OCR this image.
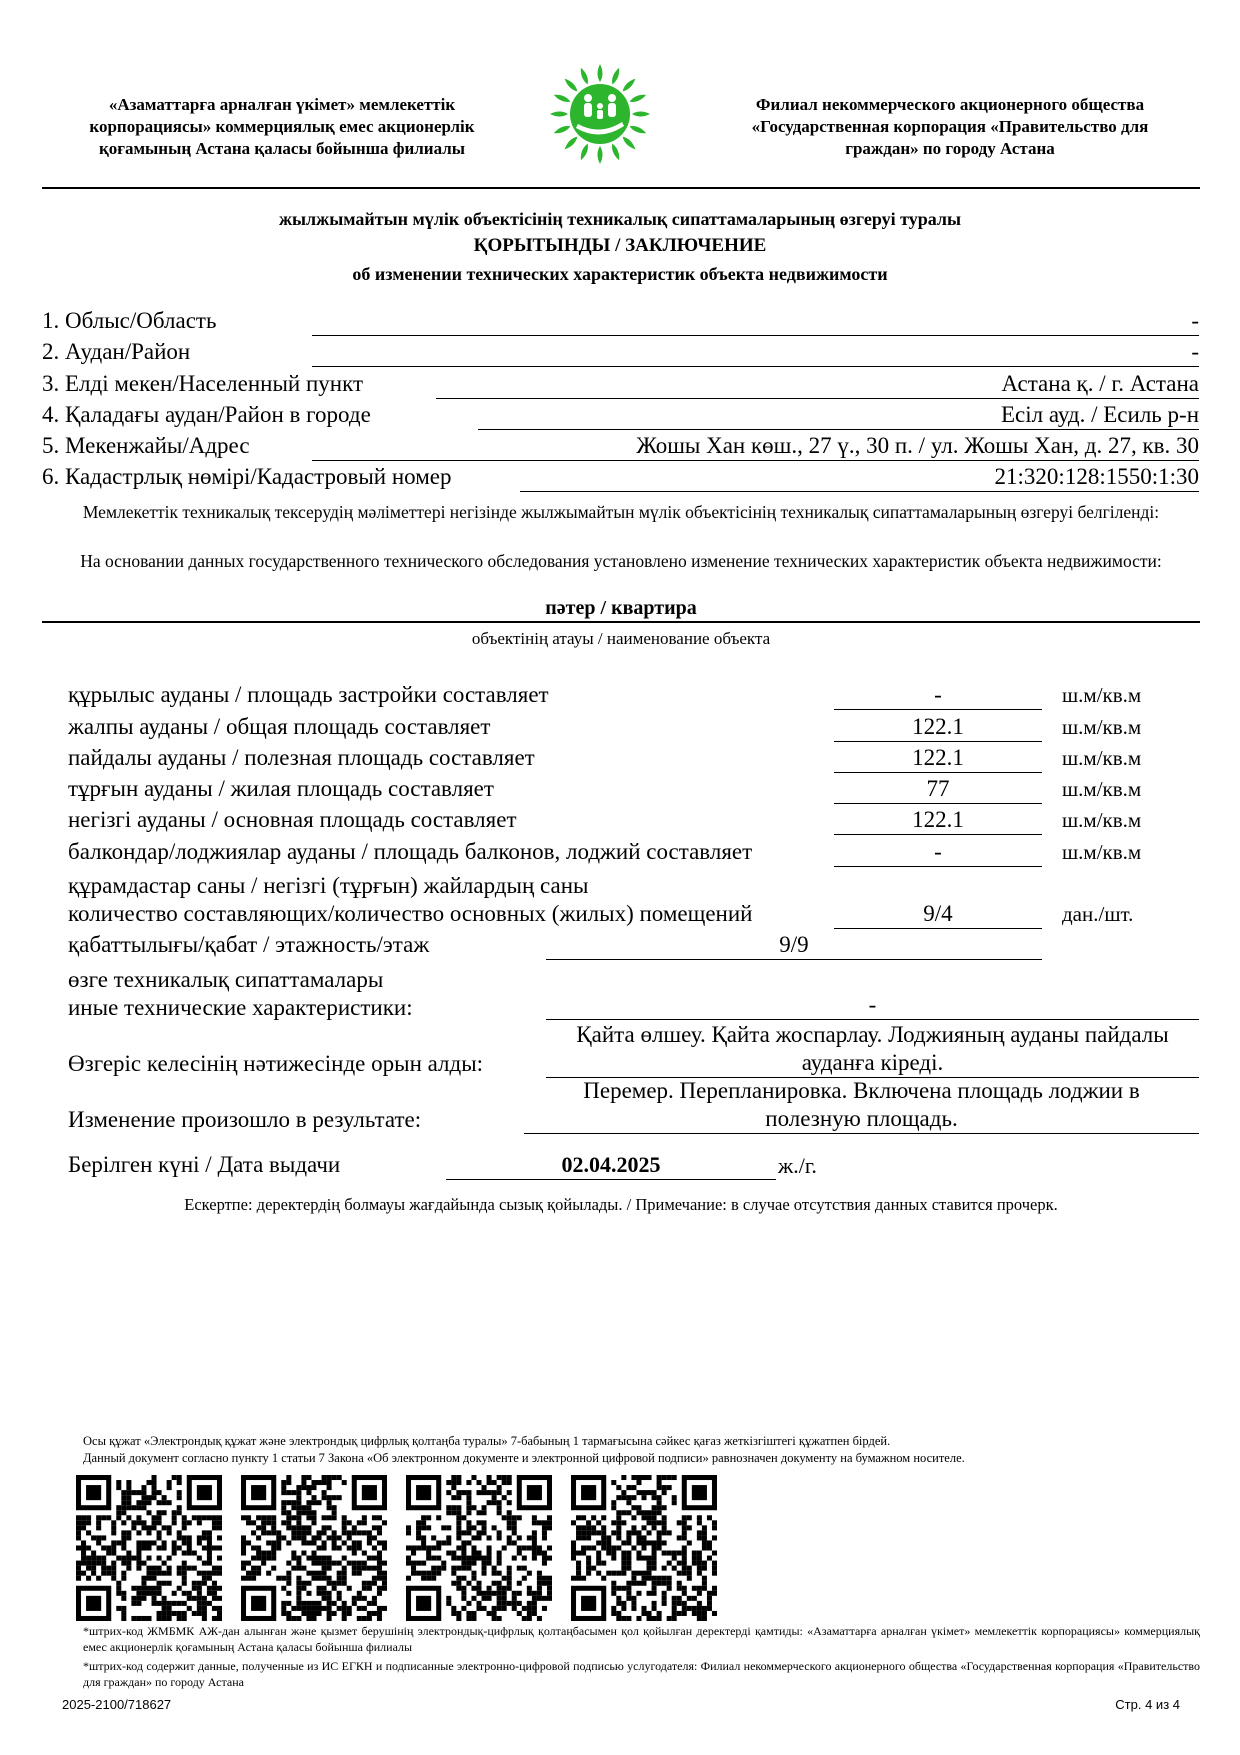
«Азаматтарға арналған үкімет» мемлекеттік корпорациясы» коммерциялық емес акционерлік қоғамының Астана қаласы бойынша филиалы
Филиал некоммерческого акционерного общества «Государственная корпорация «Правительство для граждан» по городу Астана
жылжымайтын мүлік объектісінің техникалық сипаттамаларының өзгеруі туралы
ҚОРЫТЫНДЫ / ЗАКЛЮЧЕНИЕ
об изменении технических характеристик объекта недвижимости
1. Облыс/Область	-
2. Аудан/Район	-
3. Елді мекен/Населенный пункт	Астана қ. / г. Астана
4. Қаладағы аудан/Район в городе	Есіл ауд. / Есиль р-н
5. Мекенжайы/Адрес	Жошы Хан көш., 27 ү., 30 п. / ул. Жошы Хан, д. 27, кв. 30
6. Кадастрлық нөмірі/Кадастровый номер	21:320:128:1550:1:30
Мемлекеттік техникалық тексерудің мәліметтері негізінде жылжымайтын мүлік объектісінің техникалық сипаттамаларының өзгеруі белгіленді:
На основании данных государственного технического обследования установлено изменение технических характеристик объекта недвижимости:
пәтер / квартира
объектінің атауы / наименование объекта
құрылыс ауданы / площадь застройки составляет	-	ш.м/кв.м
жалпы ауданы / общая площадь составляет	122.1	ш.м/кв.м
пайдалы ауданы / полезная площадь составляет	122.1	ш.м/кв.м
тұрғын ауданы / жилая площадь составляет	77	ш.м/кв.м
негізгі ауданы / основная площадь составляет	122.1	ш.м/кв.м
балкондар/лоджиялар ауданы / площадь балконов, лоджий составляет	-	ш.м/кв.м
құрамдастар саны / негізгі (тұрғын) жайлардың саны
количество составляющих/количество основных (жилых) помещений	9/4	дан./шт.
қабаттылығы/қабат / этажность/этаж	9/9
өзге техникалық сипаттамалары
иные технические характеристики:	-
Өзгеріс келесінің нәтижесінде орын алды:
Қайта өлшеу. Қайта жоспарлау. Лоджияның ауданы пайдалы
ауданға кіреді.
Изменение произошло в результате:
Перемер. Перепланировка. Включена площадь лоджии в
полезную площадь.
Берілген күні / Дата выдачи	02.04.2025	ж./г.
Ескертпе: деректердің болмауы жағдайында сызық қойылады. / Примечание: в случае отсутствия данных ставится прочерк.
Осы құжат «Электрондық құжат және электрондық цифрлық қолтаңба туралы» 7-бабының 1 тармағысына сәйкес қағаз жеткізгіштегі құжатпен бірдей.
Данный документ согласно пункту 1 статьи 7 Закона «Об электронном документе и электронной цифровой подписи» равнозначен документу на бумажном носителе.
*штрих-код ЖМБМК АЖ-дан алынған және қызмет берушінің электрондық-цифрлық қолтаңбасымен қол қойылған деректерді қамтиды: «Азаматтарға арналған үкімет» мемлекеттік корпорациясы» коммерциялық емес акционерлік қоғамының Астана қаласы бойынша филиалы
*штрих-код содержит данные, полученные из ИС ЕГКН и подписанные электронно-цифровой подписью услугодателя: Филиал некоммерческого акционерного общества «Государственная корпорация «Правительство для граждан» по городу Астана
2025-2100/718627	Стр. 4 из 4
